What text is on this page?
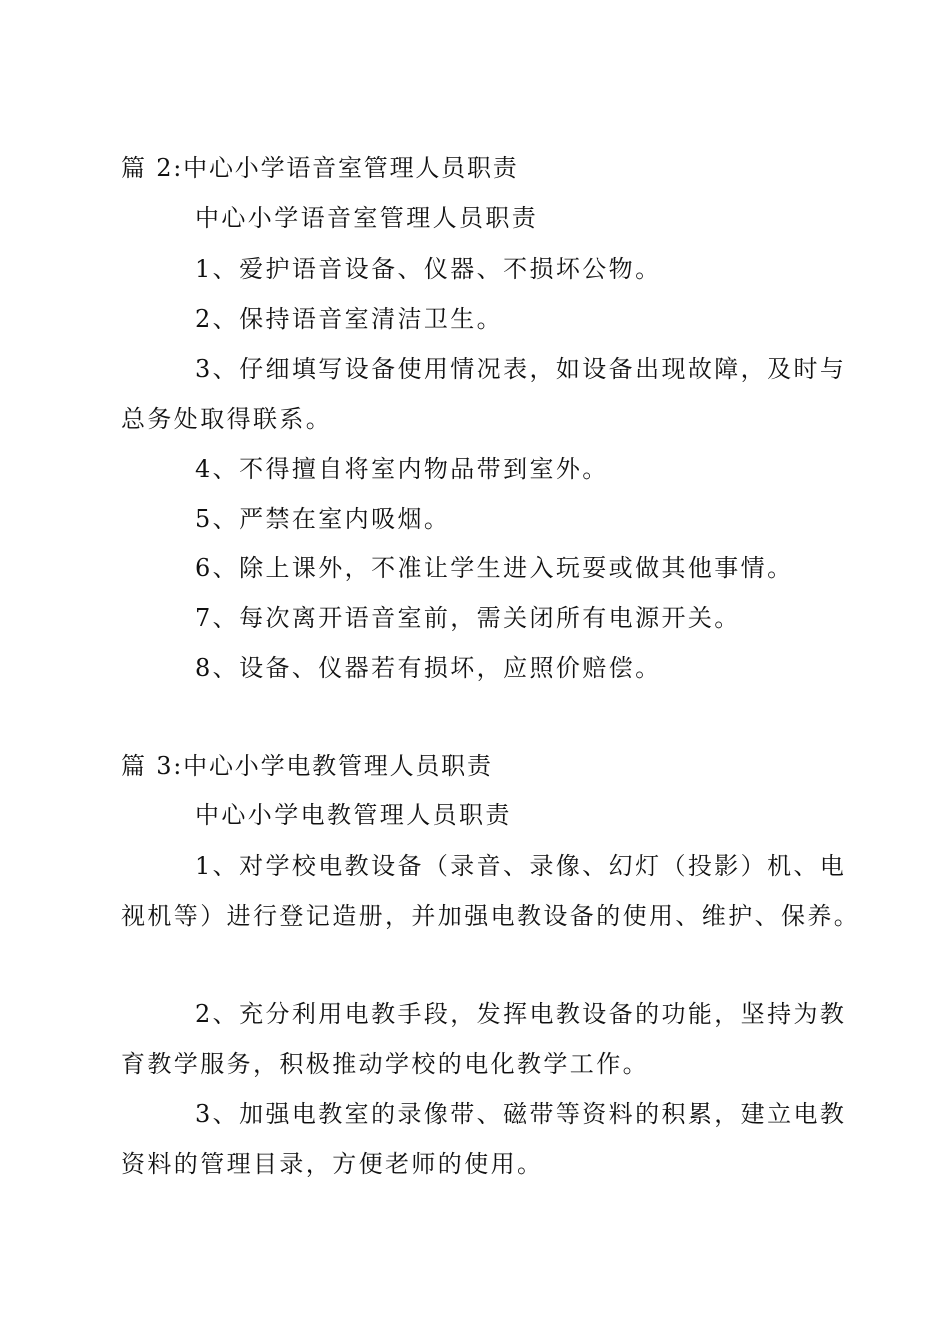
篇 2:中心小学语音室管理人员职责
中心小学语音室管理人员职责
1、爱护语音设备、仪器、不损坏公物。
2、保持语音室清洁卫生。
3、仔细填写设备使用情况表，如设备出现故障，及时与
总务处取得联系。
4、不得擅自将室内物品带到室外。
5、严禁在室内吸烟。
6、除上课外，不准让学生进入玩耍或做其他事情。
7、每次离开语音室前，需关闭所有电源开关。
8、设备、仪器若有损坏，应照价赔偿。
篇 3:中心小学电教管理人员职责
中心小学电教管理人员职责
1、对学校电教设备（录音、录像、幻灯（投影）机、电
视机等）进行登记造册，并加强电教设备的使用、维护、保养。
2、充分利用电教手段，发挥电教设备的功能，坚持为教
育教学服务，积极推动学校的电化教学工作。
3、加强电教室的录像带、磁带等资料的积累，建立电教
资料的管理目录，方便老师的使用。
